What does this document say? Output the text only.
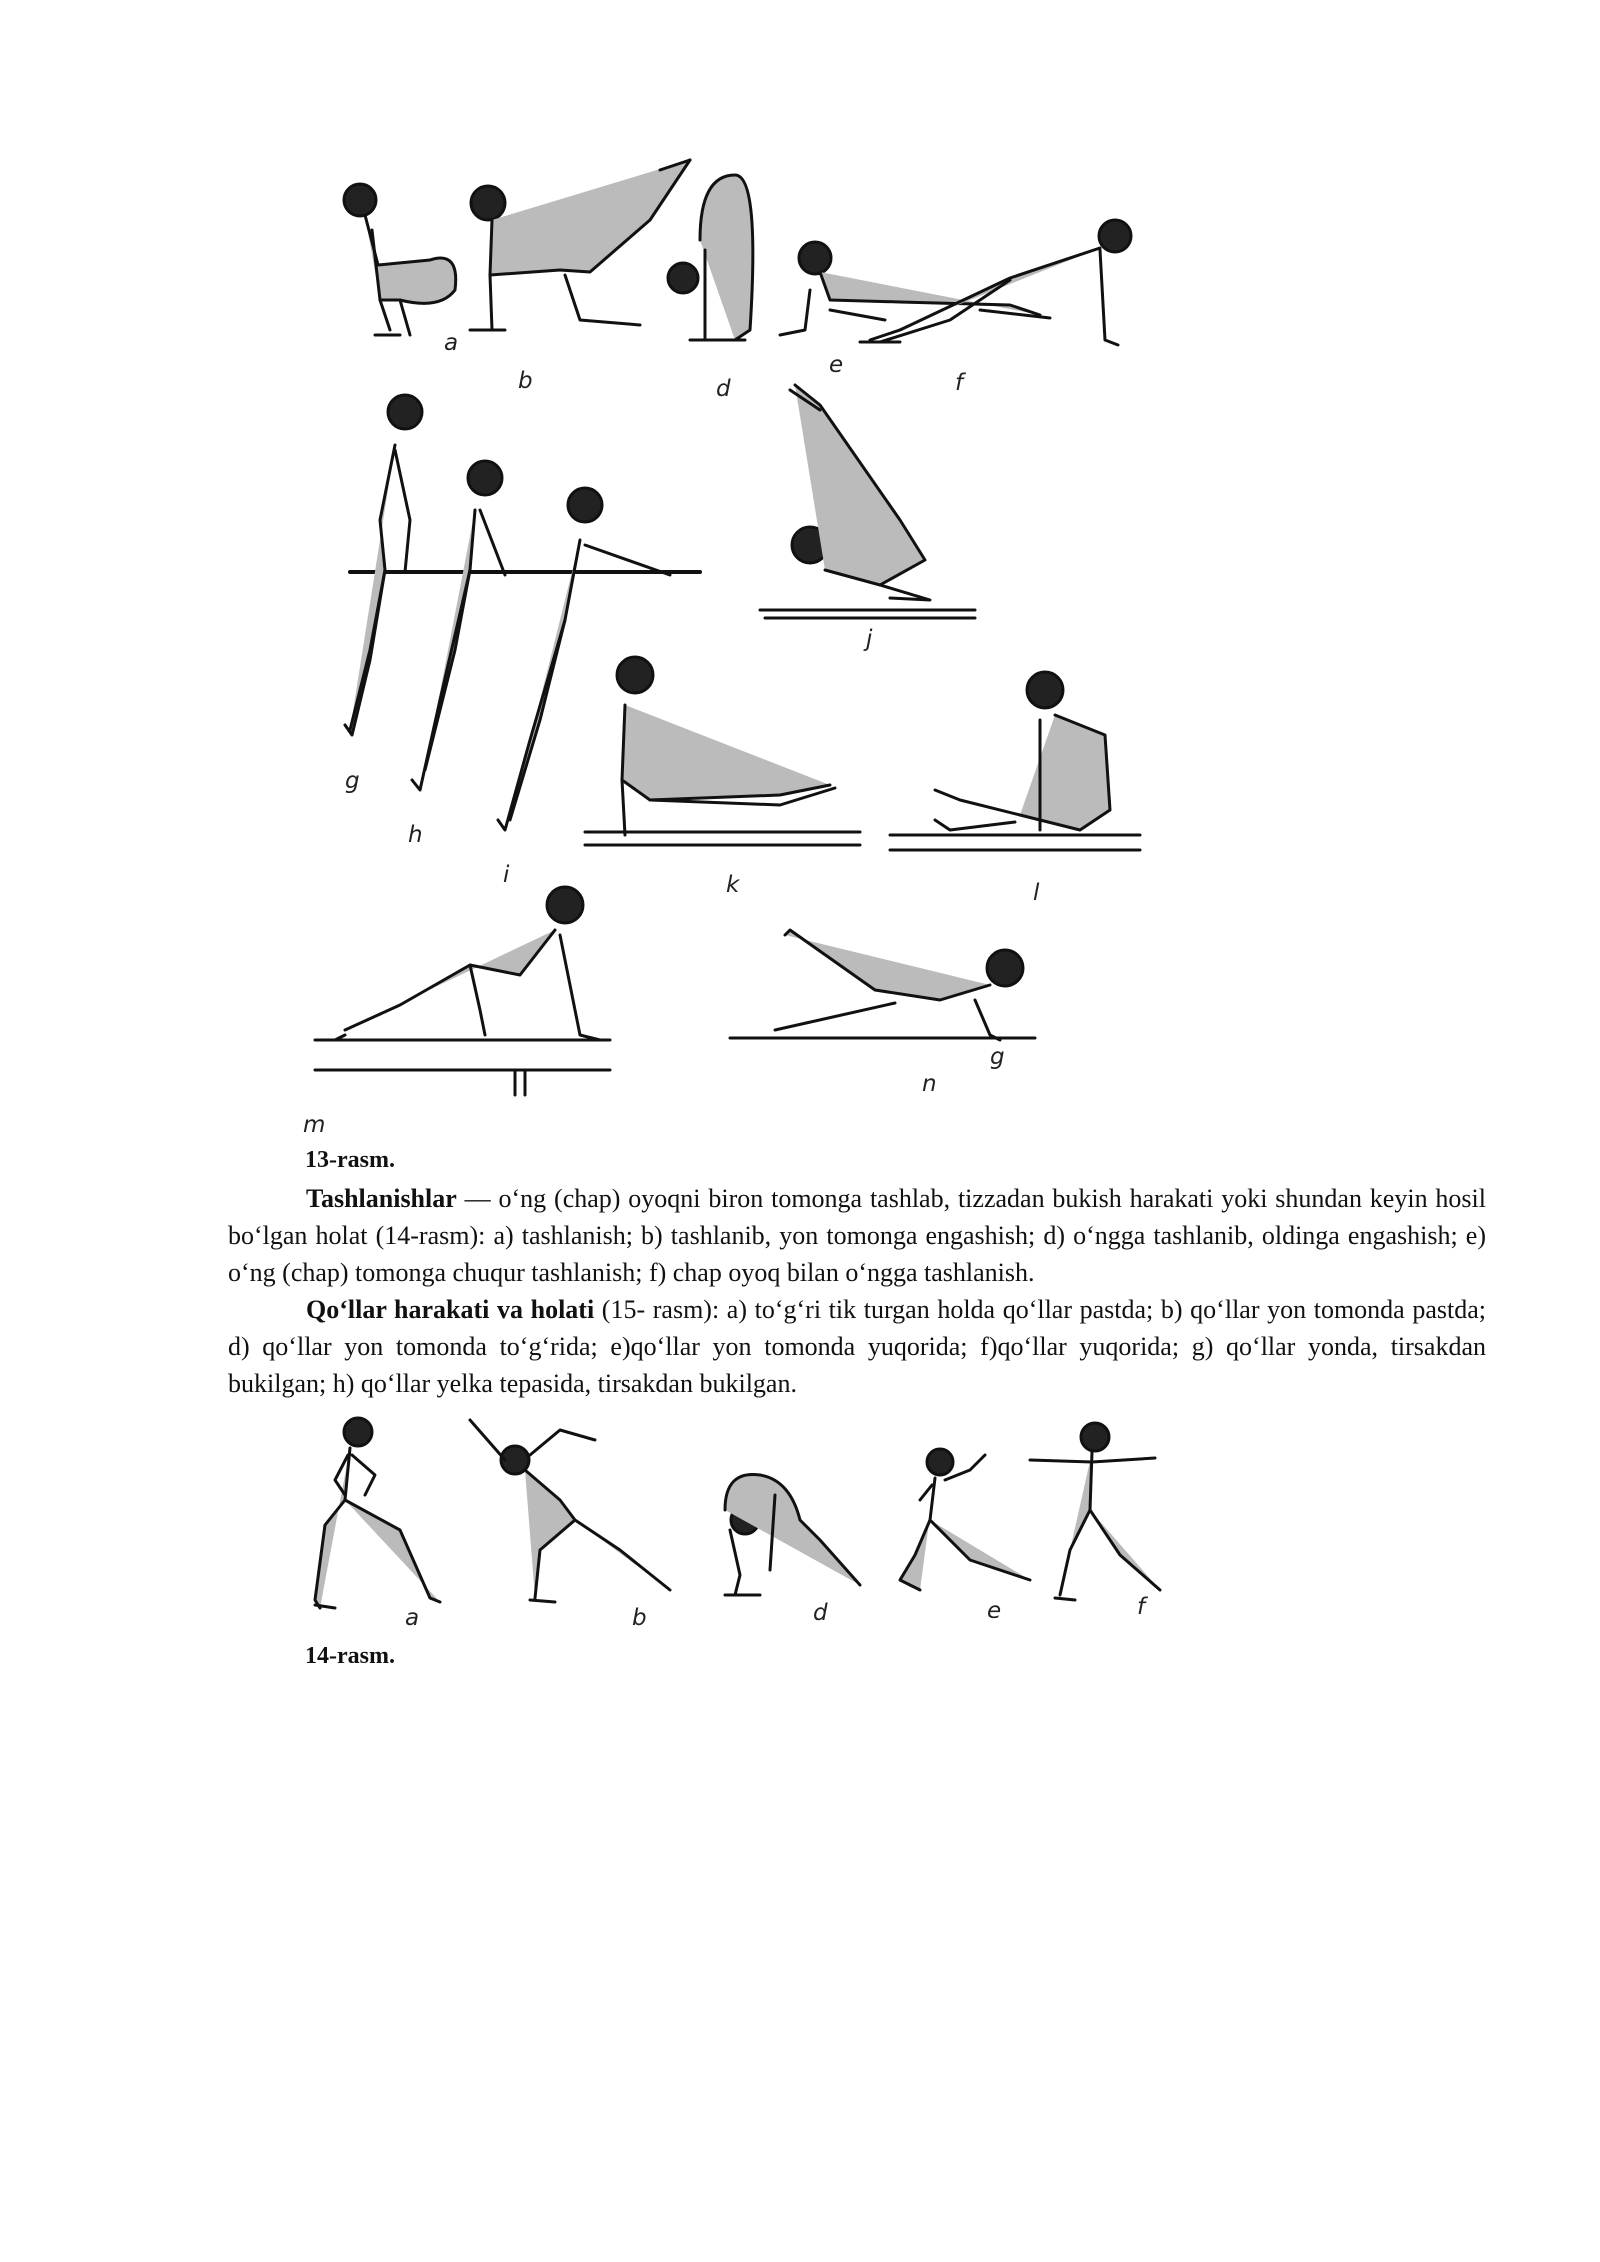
a
b	d
e
f
g
h
i
j
k	l
m
n
g
13-rasm.

Tashlanishlar — o‘ng (chap) oyoqni biron tomonga tashlab, tizzadan bukish harakati yoki shundan keyin hosil bo‘lgan holat (14-rasm): a) tashlanish; b) tashlanib, yon tomonga engashish; d) o‘ngga tashlanib, oldinga engashish; e) o‘ng (chap) tomonga chuqur tashlanish; f) chap oyoq bilan o‘ngga tashlanish.

Qo‘llar harakati va holati (15- rasm): a) to‘g‘ri tik turgan holda qo‘llar pastda; b) qo‘llar yon tomonda pastda; d) qo‘llar yon tomonda to‘g‘rida; e)qo‘llar yon tomonda yuqorida; f)qo‘llar yuqorida; g) qo‘llar yonda, tirsakdan bukilgan; h) qo‘llar yelka tepasida, tirsakdan bukilgan.

a	b	d	e	f
14-rasm.
